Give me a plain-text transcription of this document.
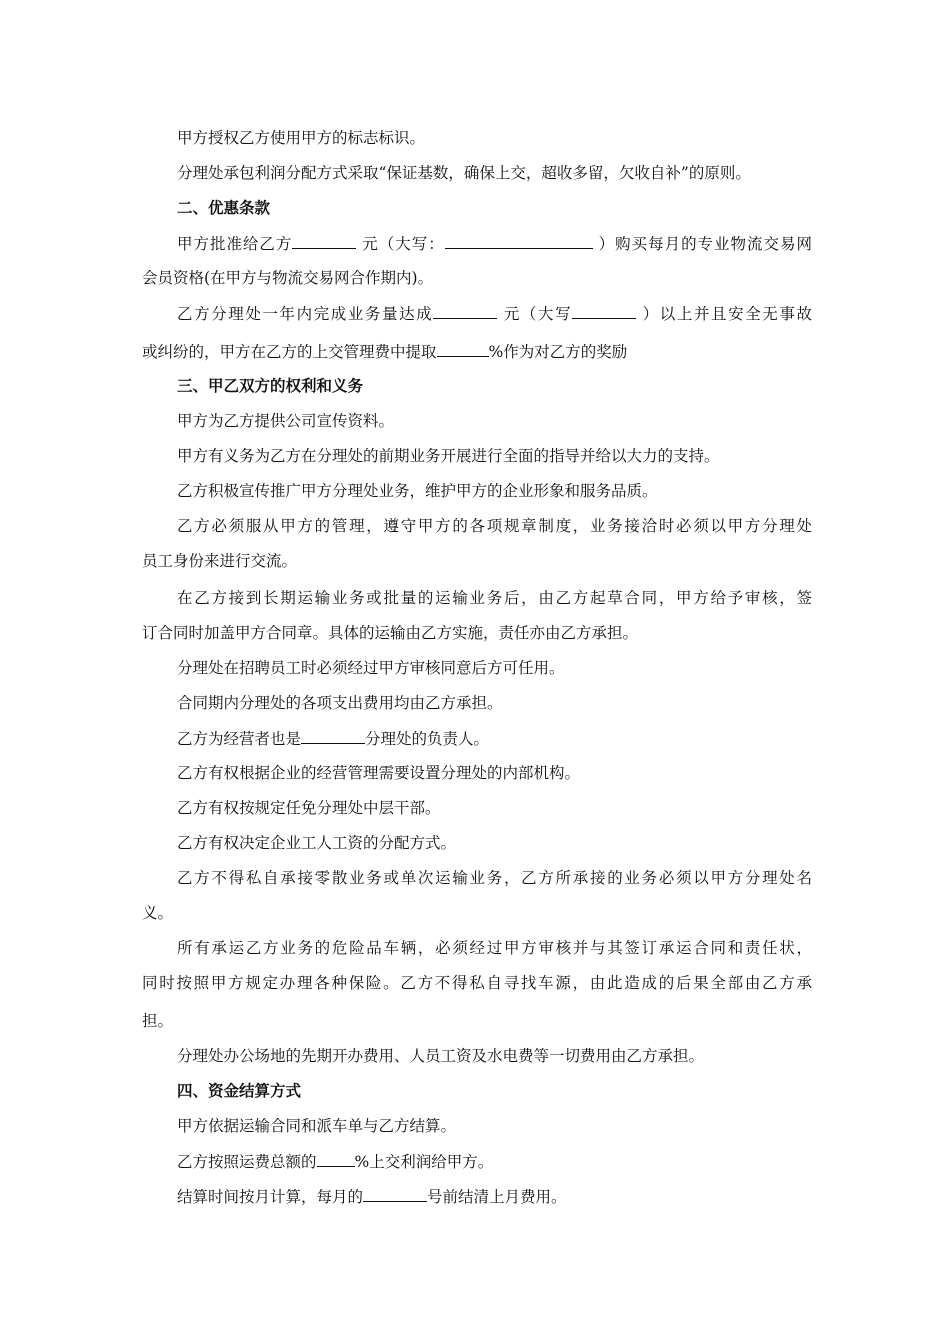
甲方授权乙方使用甲方的标志标识。
分理处承包利润分配方式采取“保证基数，确保上交，超收多留，欠收自补”的原则。
二、优惠条款
甲方批准给乙方	元（大写：	）购买每月的专业物流交易网
会员资格(在甲方与物流交易网合作期内)。
乙方分理处一年内完成业务量达成	元（大写	）以上并且安全无事故
或纠纷的，甲方在乙方的上交管理费中提取	%作为对乙方的奖励
三、甲乙双方的权利和义务
甲方为乙方提供公司宣传资料。
甲方有义务为乙方在分理处的前期业务开展进行全面的指导并给以大力的支持。
乙方积极宣传推广甲方分理处业务，维护甲方的企业形象和服务品质。
乙方必须服从甲方的管理，遵守甲方的各项规章制度，业务接洽时必须以甲方分理处
员工身份来进行交流。
在乙方接到长期运输业务或批量的运输业务后，由乙方起草合同，甲方给予审核，签
订合同时加盖甲方合同章。具体的运输由乙方实施，责任亦由乙方承担。
分理处在招聘员工时必须经过甲方审核同意后方可任用。
合同期内分理处的各项支出费用均由乙方承担。
乙方为经营者也是	分理处的负责人。
乙方有权根据企业的经营管理需要设置分理处的内部机构。
乙方有权按规定任免分理处中层干部。
乙方有权决定企业工人工资的分配方式。
乙方不得私自承接零散业务或单次运输业务，乙方所承接的业务必须以甲方分理处名
义。
所有承运乙方业务的危险品车辆，必须经过甲方审核并与其签订承运合同和责任状，
同时按照甲方规定办理各种保险。乙方不得私自寻找车源，由此造成的后果全部由乙方承
担。
分理处办公场地的先期开办费用、人员工资及水电费等一切费用由乙方承担。
四、资金结算方式
甲方依据运输合同和派车单与乙方结算。
乙方按照运费总额的 %上交利润给甲方。
结算时间按月计算，每月的	号前结清上月费用。
